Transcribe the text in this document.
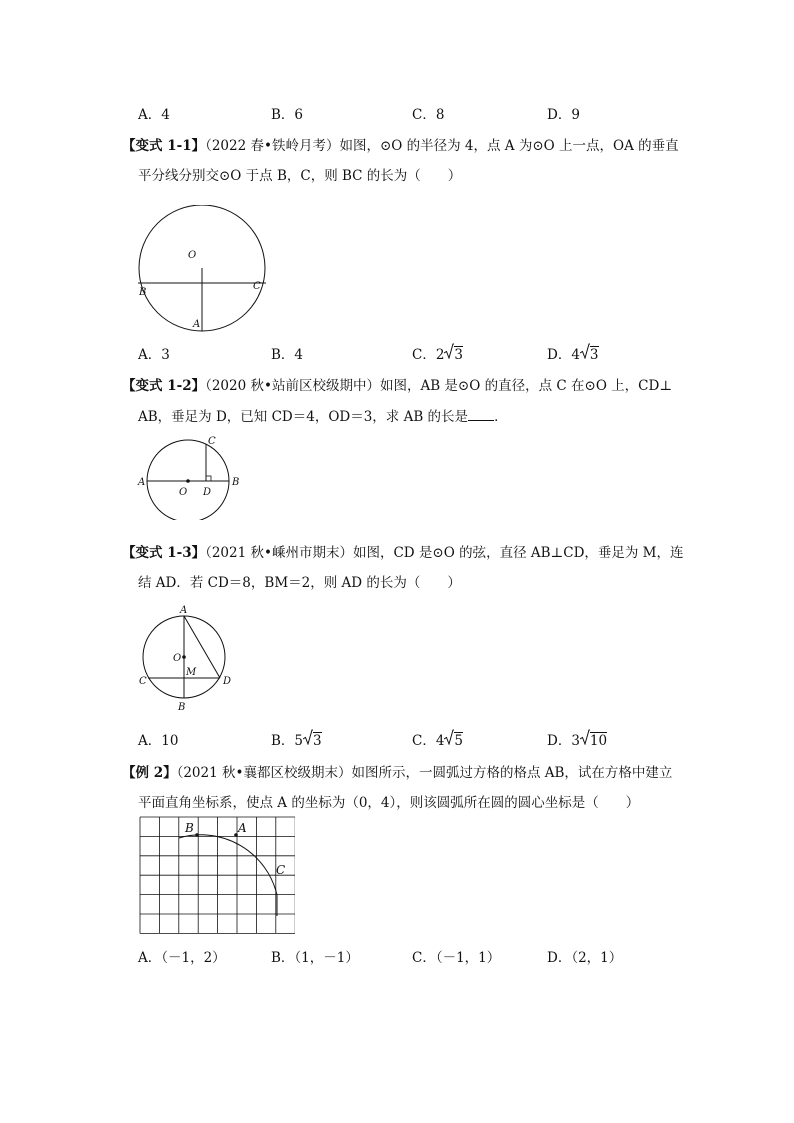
A．4	B．6	C．8	D．9
【变式 1-1】（2022 春•铁岭月考）如图，⊙O 的半径为 4，点 A 为⊙O 上一点，OA 的垂直
平分线分别交⊙O 于点 B，C，则 BC 的长为（　　）
O
B
C
A
A．3	B．4	C．2 3	D．4 3
【变式 1-2】（2020 秋•站前区校级期中）如图，AB 是⊙O 的直径，点 C 在⊙O 上，CD⊥
AB，垂足为 D，已知 CD＝4，OD＝3，求 AB 的长是 ．
A
O D
B
C
【变式 1-3】（2021 秋•嵊州市期末）如图，CD 是⊙O 的弦，直径 AB⊥CD，垂足为 M，连
结 AD．若 CD＝8，BM＝2，则 AD 的长为（　　）
A
O
M
C	D
B
A．10	B．5 3	C．4 5	D．3 10
【例 2】（2021 秋•襄都区校级期末）如图所示，一圆弧过方格的格点 AB，试在方格中建立
平面直角坐标系，使点 A 的坐标为（0，4），则该圆弧所在圆的圆心坐标是（　　）
B	A
C
A．（－1，2）	B．（1，－1）	C．（－1，1）	D．（2，1）
